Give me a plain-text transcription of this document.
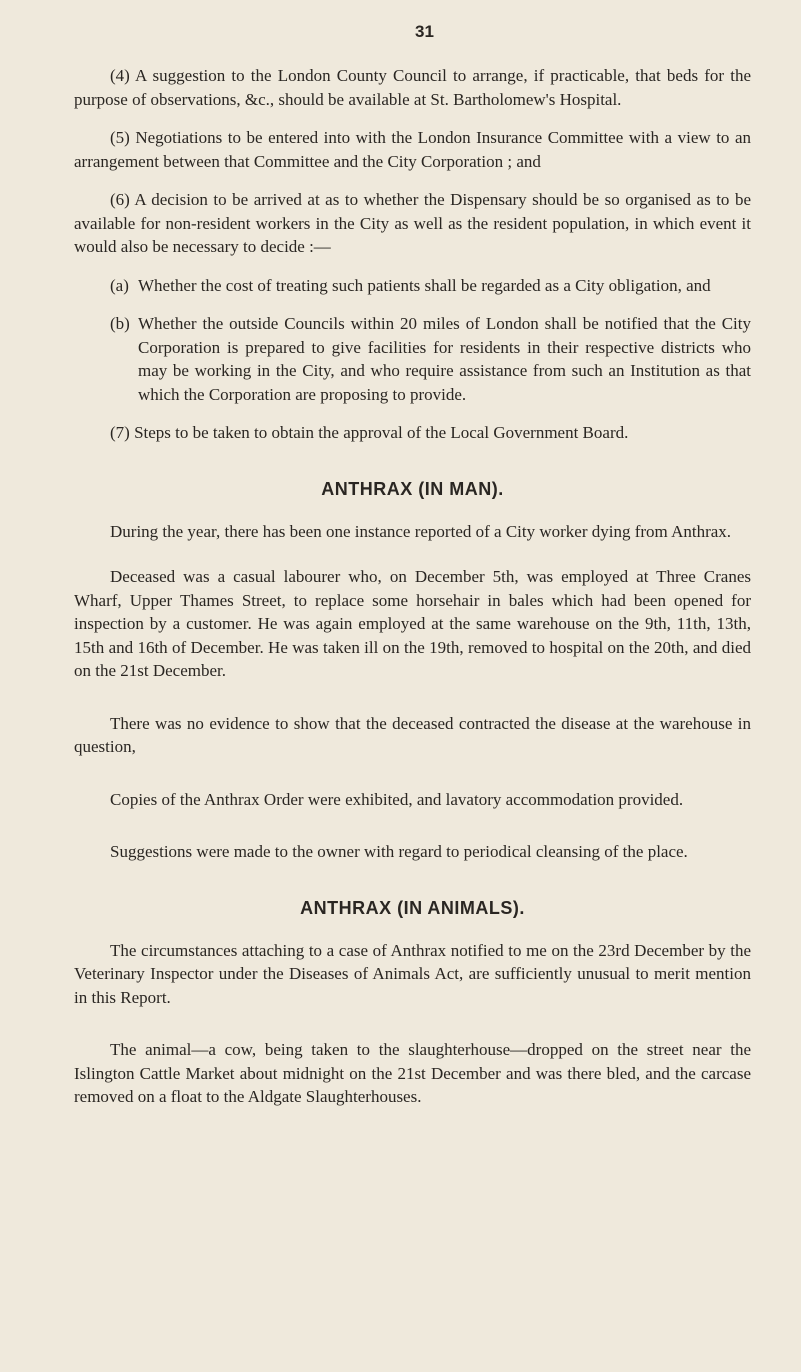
31

(4) A suggestion to the London County Council to arrange, if practicable, that beds for the purpose of observations, &c., should be available at St. Bartholomew's Hospital.

(5) Negotiations to be entered into with the London Insurance Committee with a view to an arrangement between that Committee and the City Corporation ; and

(6) A decision to be arrived at as to whether the Dispensary should be so organised as to be available for non-resident workers in the City as well as the resident population, in which event it would also be necessary to decide :—

(a) Whether the cost of treating such patients shall be regarded as a City obligation, and

(b) Whether the outside Councils within 20 miles of London shall be notified that the City Corporation is prepared to give facilities for residents in their respective districts who may be working in the City, and who require assistance from such an Institution as that which the Corporation are proposing to provide.

(7) Steps to be taken to obtain the approval of the Local Government Board.

ANTHRAX (IN MAN).

During the year, there has been one instance reported of a City worker dying from Anthrax.

Deceased was a casual labourer who, on December 5th, was employed at Three Cranes Wharf, Upper Thames Street, to replace some horsehair in bales which had been opened for inspection by a customer. He was again employed at the same warehouse on the 9th, 11th, 13th, 15th and 16th of December. He was taken ill on the 19th, removed to hospital on the 20th, and died on the 21st December.

There was no evidence to show that the deceased contracted the disease at the warehouse in question,

Copies of the Anthrax Order were exhibited, and lavatory accommodation provided.

Suggestions were made to the owner with regard to periodical cleansing of the place.

ANTHRAX (IN ANIMALS).

The circumstances attaching to a case of Anthrax notified to me on the 23rd December by the Veterinary Inspector under the Diseases of Animals Act, are sufficiently unusual to merit mention in this Report.

The animal—a cow, being taken to the slaughterhouse—dropped on the street near the Islington Cattle Market about midnight on the 21st December and was there bled, and the carcase removed on a float to the Aldgate Slaughterhouses.
